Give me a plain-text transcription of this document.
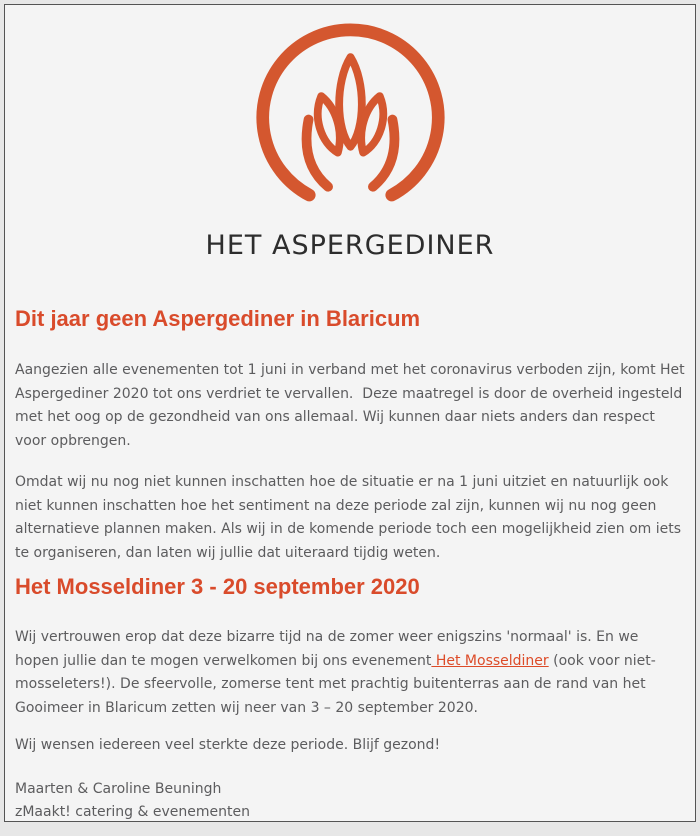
HET ASPERGEDINER
Dit jaar geen Aspergediner in Blaricum

Aangezien alle evenementen tot 1 juni in verband met het coronavirus verboden zijn, komt Het Aspergediner 2020 tot ons verdriet te vervallen.  Deze maatregel is door de overheid ingesteld met het oog op de gezondheid van ons allemaal. Wij kunnen daar niets anders dan respect voor opbrengen.

Omdat wij nu nog niet kunnen inschatten hoe de situatie er na 1 juni uitziet en natuurlijk ook niet kunnen inschatten hoe het sentiment na deze periode zal zijn, kunnen wij nu nog geen alternatieve plannen maken. Als wij in de komende periode toch een mogelijkheid zien om iets te organiseren, dan laten wij jullie dat uiteraard tijdig weten.

Het Mosseldiner 3 - 20 september 2020

Wij vertrouwen erop dat deze bizarre tijd na de zomer weer enigszins 'normaal' is. En we hopen jullie dan te mogen verwelkomen bij ons evenement Het Mosseldiner (ook voor niet-mosseleters!). De sfeervolle, zomerse tent met prachtig buitenterras aan de rand van het Gooimeer in Blaricum zetten wij neer van 3 – 20 september 2020.

Wij wensen iedereen veel sterkte deze periode. Blijf gezond!

Maarten & Caroline Beuningh
zMaakt! catering & evenementen
